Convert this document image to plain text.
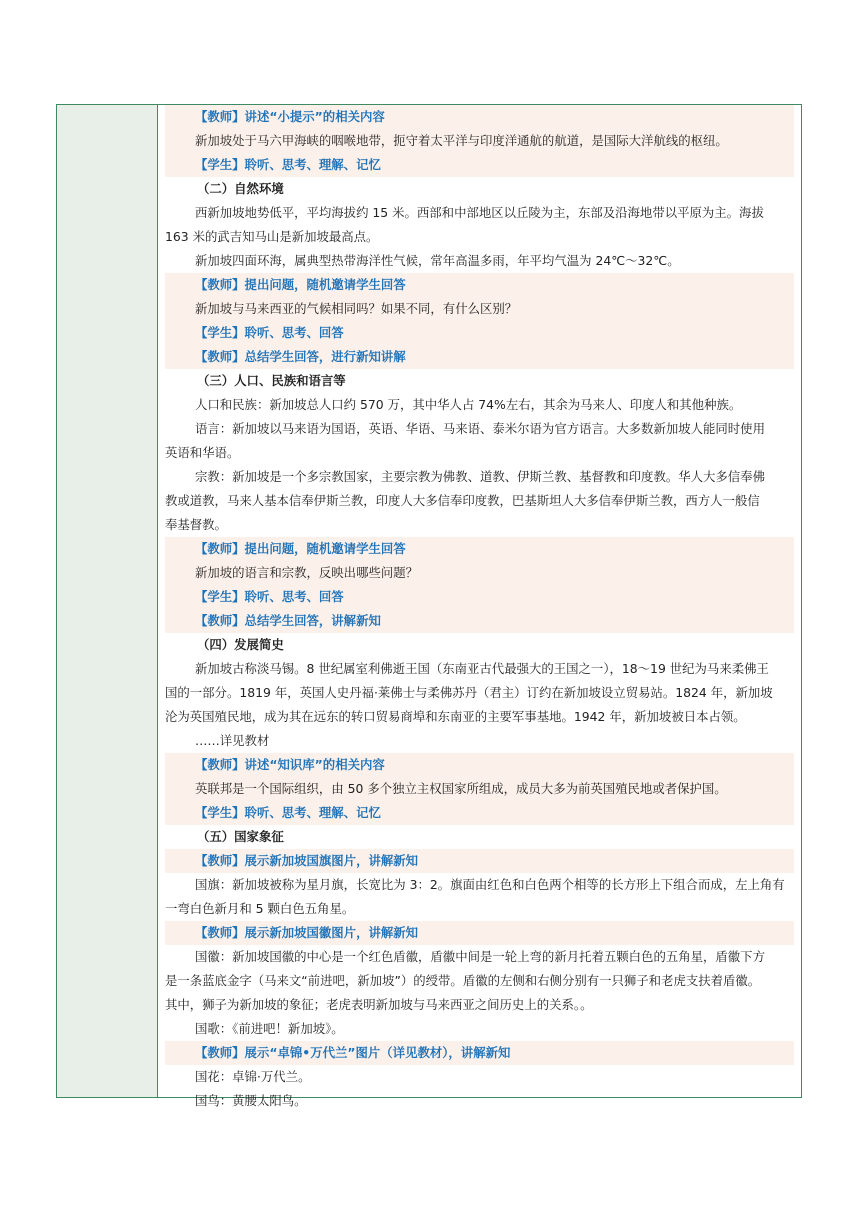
【教师】讲述“小提示”的相关内容
新加坡处于马六甲海峡的咽喉地带，扼守着太平洋与印度洋通航的航道，是国际大洋航线的枢纽。
【学生】聆听、思考、理解、记忆
（二）自然环境
西新加坡地势低平，平均海拔约 15 米。西部和中部地区以丘陵为主，东部及沿海地带以平原为主。海拔
163 米的武吉知马山是新加坡最高点。
新加坡四面环海，属典型热带海洋性气候，常年高温多雨，年平均气温为 24℃～32℃。
【教师】提出问题，随机邀请学生回答
新加坡与马来西亚的气候相同吗？如果不同，有什么区别？
【学生】聆听、思考、回答
【教师】总结学生回答，进行新知讲解
（三）人口、民族和语言等
人口和民族：新加坡总人口约 570 万，其中华人占 74%左右，其余为马来人、印度人和其他种族。
语言：新加坡以马来语为国语，英语、华语、马来语、泰米尔语为官方语言。大多数新加坡人能同时使用
英语和华语。
宗教：新加坡是一个多宗教国家，主要宗教为佛教、道教、伊斯兰教、基督教和印度教。华人大多信奉佛
教或道教，马来人基本信奉伊斯兰教，印度人大多信奉印度教，巴基斯坦人大多信奉伊斯兰教，西方人一般信
奉基督教。
【教师】提出问题，随机邀请学生回答
新加坡的语言和宗教，反映出哪些问题？
【学生】聆听、思考、回答
【教师】总结学生回答，讲解新知
（四）发展简史
新加坡古称淡马锡。8 世纪属室利佛逝王国（东南亚古代最强大的王国之一），18～19 世纪为马来柔佛王
国的一部分。1819 年，英国人史丹福·莱佛士与柔佛苏丹（君主）订约在新加坡设立贸易站。1824 年，新加坡
沦为英国殖民地，成为其在远东的转口贸易商埠和东南亚的主要军事基地。1942 年，新加坡被日本占领。
……详见教材
【教师】讲述“知识库”的相关内容
英联邦是一个国际组织，由 50 多个独立主权国家所组成，成员大多为前英国殖民地或者保护国。
【学生】聆听、思考、理解、记忆
（五）国家象征
【教师】展示新加坡国旗图片，讲解新知
国旗：新加坡被称为星月旗，长宽比为 3：2。旗面由红色和白色两个相等的长方形上下组合而成，左上角有
一弯白色新月和 5 颗白色五角星。
【教师】展示新加坡国徽图片，讲解新知
国徽：新加坡国徽的中心是一个红色盾徽，盾徽中间是一轮上弯的新月托着五颗白色的五角星，盾徽下方
是一条蓝底金字（马来文“前进吧，新加坡”）的绶带。盾徽的左侧和右侧分别有一只狮子和老虎支扶着盾徽。
其中，狮子为新加坡的象征；老虎表明新加坡与马来西亚之间历史上的关系。。
国歌：《前进吧！新加坡》。
【教师】展示“卓锦•万代兰”图片（详见教材），讲解新知
国花：卓锦·万代兰。
国鸟：黄腰太阳鸟。
